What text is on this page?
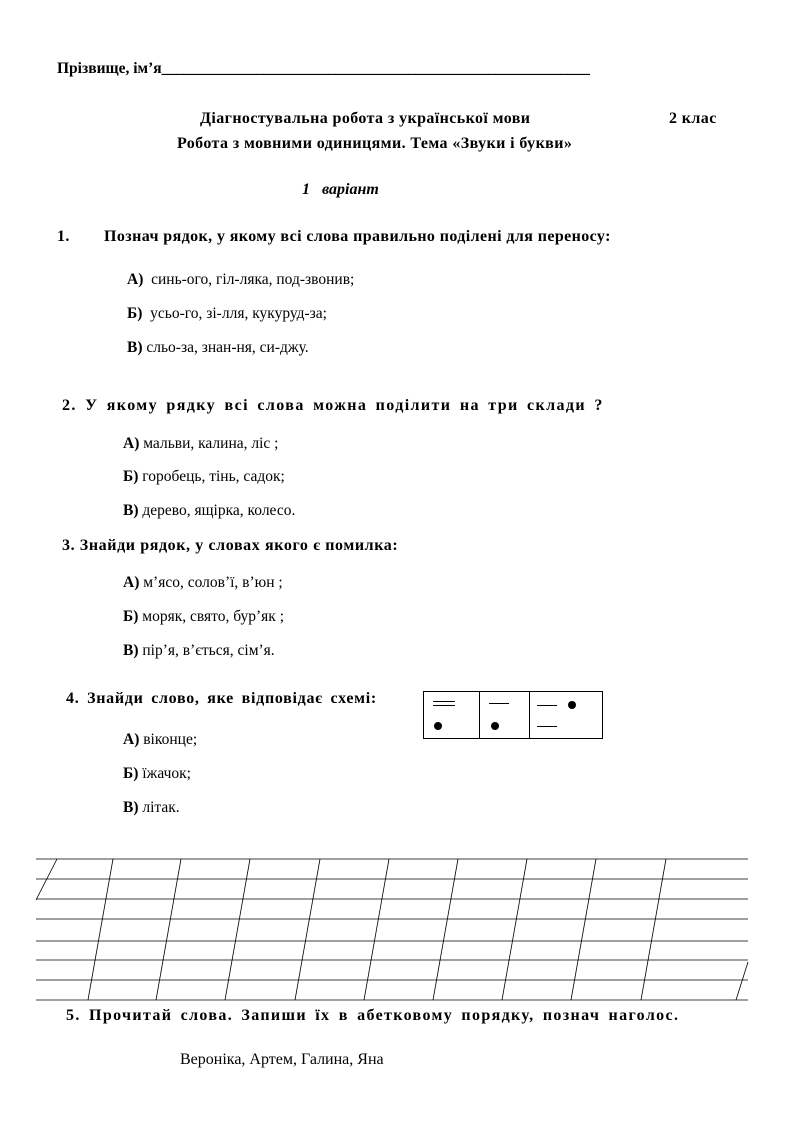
Прізвище, ім’я___________________________________________________________
Діагностувальна робота з української мови	2 клас
Робота з мовними одиницями. Тема «Звуки і букви»
1 варіант
1. Познач рядок, у якому всі слова правильно поділені для переносу:
А) синь-ого, гіл-ляка, под-звонив;
Б) усьо-го, зі-лля, кукуруд-за;
В) сльо-за, знан-ня, си-джу.
2. У якому рядку всі слова можна поділити на три склади ?
А) мальви, калина, ліс ;
Б) горобець, тінь, садок;
В) дерево, ящірка, колесо.
3. Знайди рядок, у словах якого є помилка:
А) м’ясо, солов’ї, в’юн ;
Б) моряк, свято, бур’як ;
В) пір’я, в’ється, сім’я.
4. Знайди слово, яке відповідає схемі:
А) віконце;
Б) їжачок;
В) літак.
5. Прочитай слова. Запиши їх в абетковому порядку, познач наголос.
Вероніка, Артем, Галина, Яна
